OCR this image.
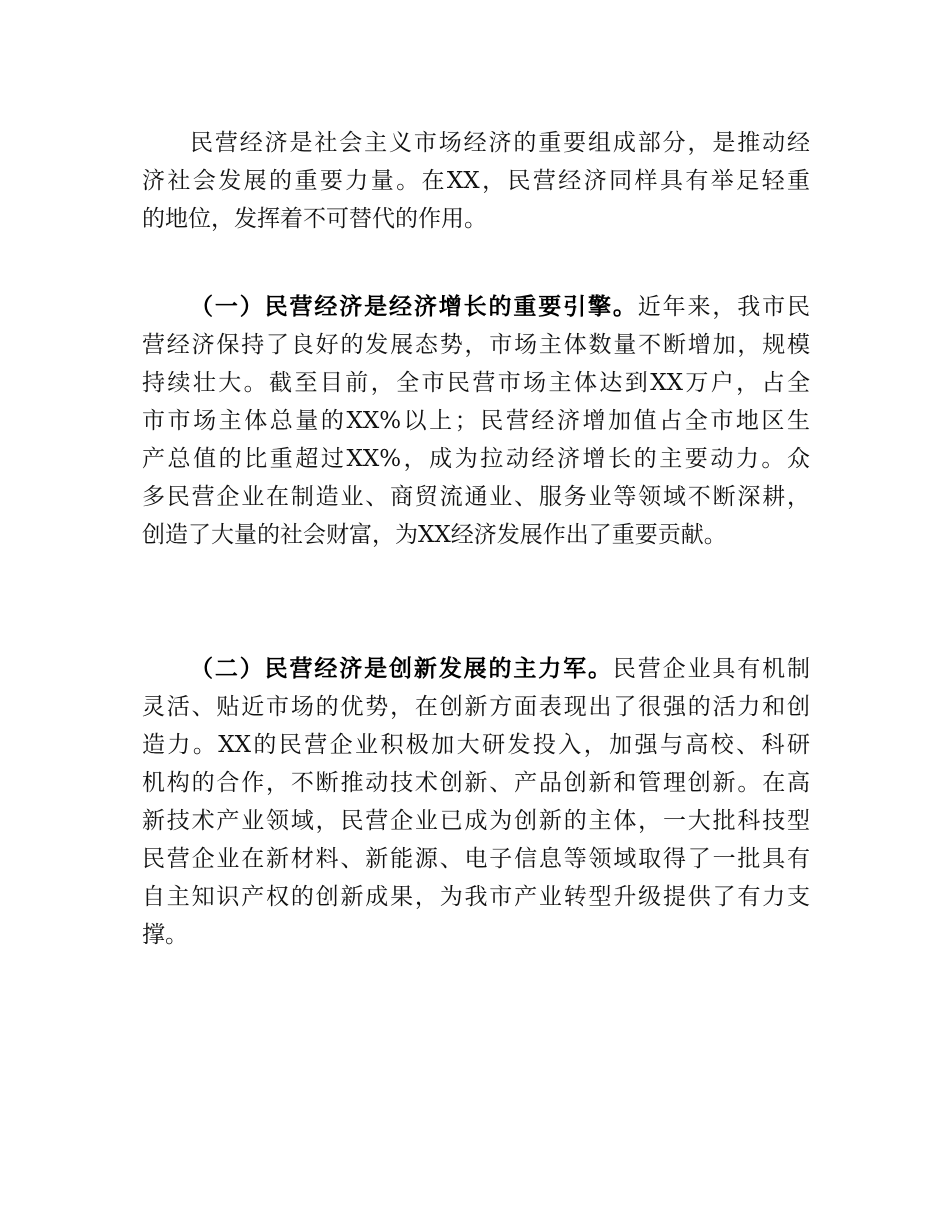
民营经济是社会主义市场经济的重要组成部分，是推动经
济社会发展的重要力量。在XX，民营经济同样具有举足轻重
的地位，发挥着不可替代的作用。
（一）民营经济是经济增长的重要引擎。近年来，我市民
营经济保持了良好的发展态势，市场主体数量不断增加，规模
持续壮大。截至目前，全市民营市场主体达到XX万户，占全
市市场主体总量的XX%以上；民营经济增加值占全市地区生
产总值的比重超过XX%，成为拉动经济增长的主要动力。众
多民营企业在制造业、商贸流通业、服务业等领域不断深耕，
创造了大量的社会财富，为XX经济发展作出了重要贡献。
（二）民营经济是创新发展的主力军。民营企业具有机制
灵活、贴近市场的优势，在创新方面表现出了很强的活力和创
造力。XX的民营企业积极加大研发投入，加强与高校、科研
机构的合作，不断推动技术创新、产品创新和管理创新。在高
新技术产业领域，民营企业已成为创新的主体，一大批科技型
民营企业在新材料、新能源、电子信息等领域取得了一批具有
自主知识产权的创新成果，为我市产业转型升级提供了有力支
撑。
